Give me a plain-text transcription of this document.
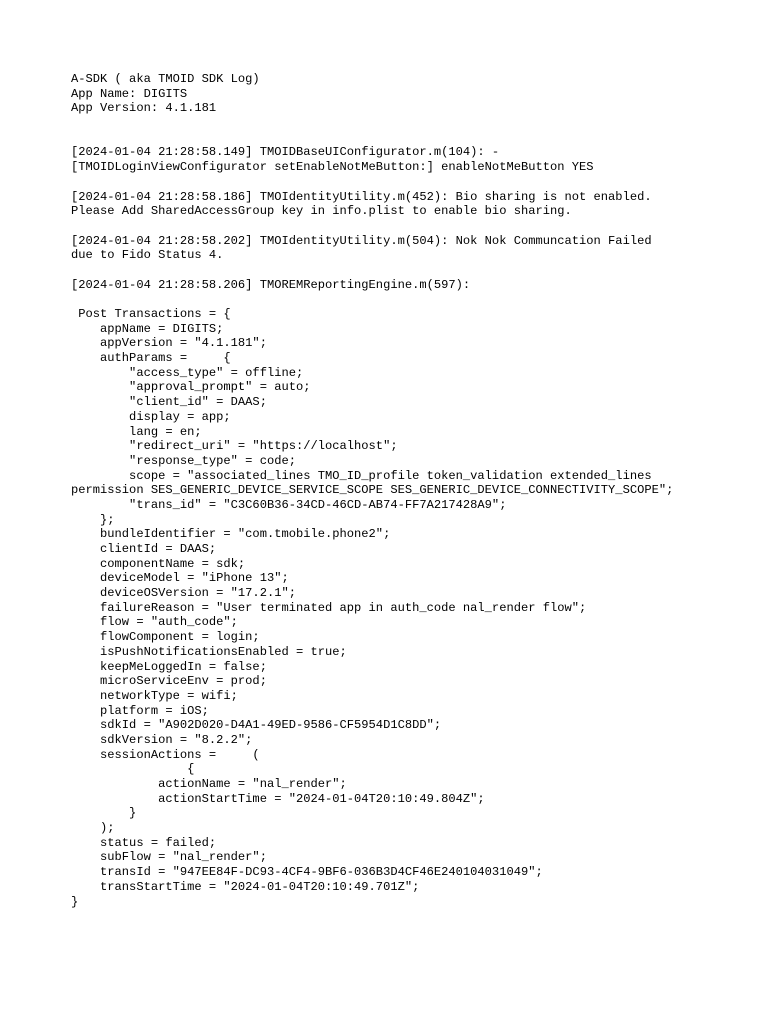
A-SDK ( aka TMOID SDK Log)
App Name: DIGITS
App Version: 4.1.181

[2024-01-04 21:28:58.149] TMOIDBaseUIConfigurator.m(104): -
[TMOIDLoginViewConfigurator setEnableNotMeButton:] enableNotMeButton YES

[2024-01-04 21:28:58.186] TMOIdentityUtility.m(452): Bio sharing is not enabled.
Please Add SharedAccessGroup key in info.plist to enable bio sharing.

[2024-01-04 21:28:58.202] TMOIdentityUtility.m(504): Nok Nok Communcation Failed
due to Fido Status 4.

[2024-01-04 21:28:58.206] TMOREMReportingEngine.m(597):

Post Transactions = {
appName = DIGITS;
appVersion = "4.1.181";
authParams =     {
"access_type" = offline;
"approval_prompt" = auto;
"client_id" = DAAS;
display = app;
lang = en;
"redirect_uri" = "https://localhost";
"response_type" = code;
scope = "associated_lines TMO_ID_profile token_validation extended_lines
permission SES_GENERIC_DEVICE_SERVICE_SCOPE SES_GENERIC_DEVICE_CONNECTIVITY_SCOPE";
"trans_id" = "C3C60B36-34CD-46CD-AB74-FF7A217428A9";
};
bundleIdentifier = "com.tmobile.phone2";
clientId = DAAS;
componentName = sdk;
deviceModel = "iPhone 13";
deviceOSVersion = "17.2.1";
failureReason = "User terminated app in auth_code nal_render flow";
flow = "auth_code";
flowComponent = login;
isPushNotificationsEnabled = true;
keepMeLoggedIn = false;
microServiceEnv = prod;
networkType = wifi;
platform = iOS;
sdkId = "A902D020-D4A1-49ED-9586-CF5954D1C8DD";
sdkVersion = "8.2.2";
sessionActions =     (
{
actionName = "nal_render";
actionStartTime = "2024-01-04T20:10:49.804Z";
}
);
status = failed;
subFlow = "nal_render";
transId = "947EE84F-DC93-4CF4-9BF6-036B3D4CF46E240104031049";
transStartTime = "2024-01-04T20:10:49.701Z";
}
